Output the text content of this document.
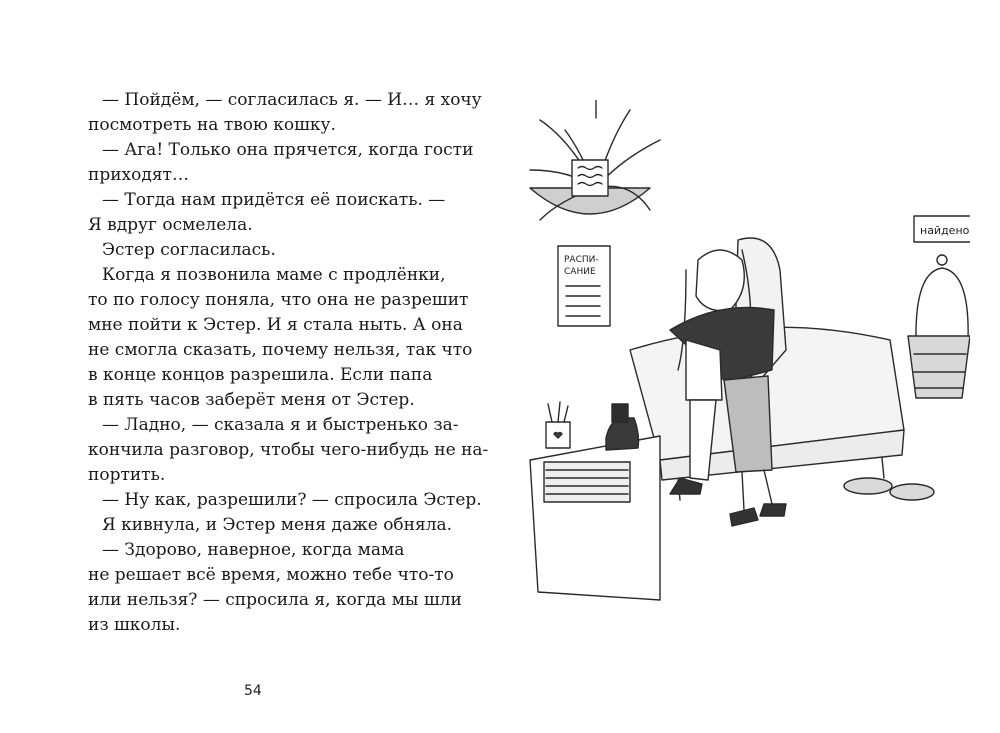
— Пойдём, — согласилась я. — И… я хочу
посмотреть на твою кошку.
— Ага! Только она прячется, когда гости
приходят…
— Тогда нам придётся её поискать. —
Я вдруг осмелела.
Эстер согласилась.
Когда я позвонила маме с продлёнки,
то по голосу поняла, что она не разрешит
мне пойти к Эстер. И я стала ныть. А она
не смогла сказать, почему нельзя, так что
в конце концов разрешила. Если папа
в пять часов заберёт меня от Эстер.
— Ладно, — сказала я и быстренько за-
кончила разговор, чтобы чего-нибудь не на-
портить.
— Ну как, разрешили? — спросила Эстер.
Я кивнула, и Эстер меня даже обняла.
— Здорово, наверное, когда мама
не решает всё время, можно тебе что-то
или нельзя? — спросила я, когда мы шли
из школы.
54
найдено
РАСПИ-
САНИЕ
